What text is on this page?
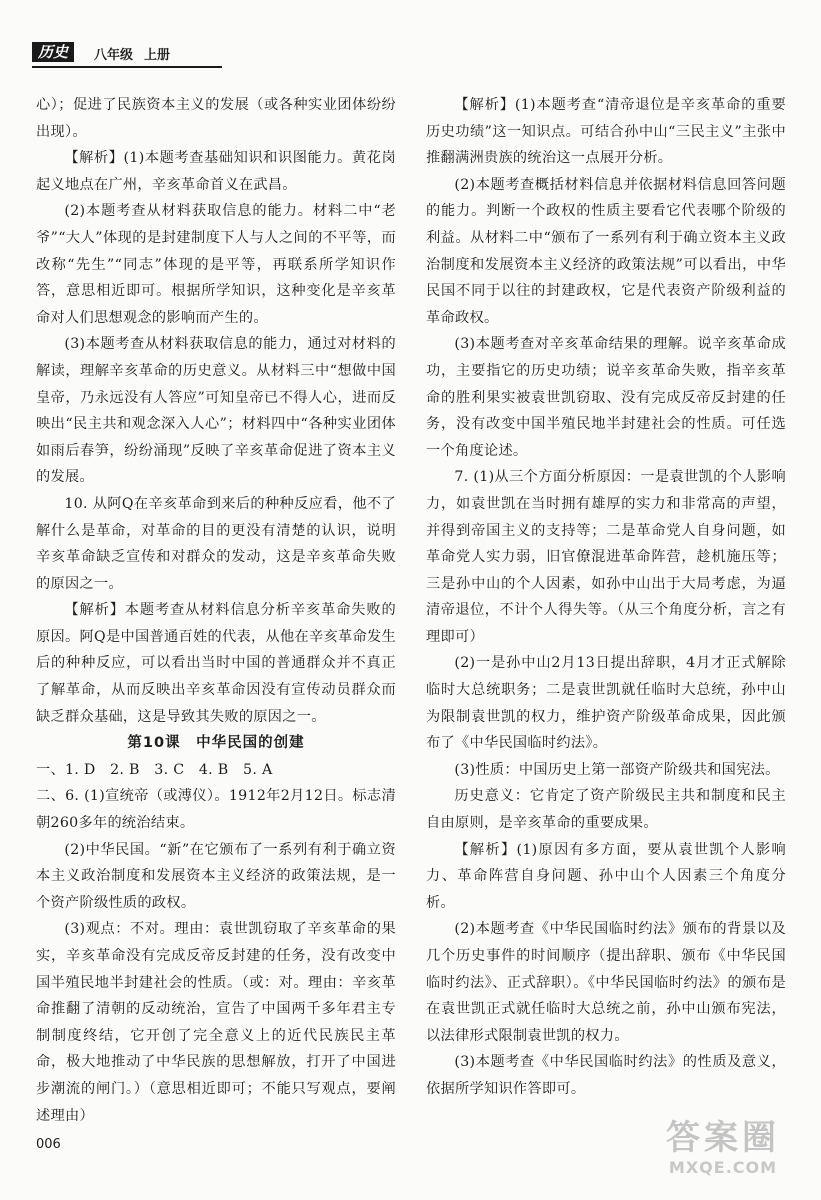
历史	八年级 上册

心）；促进了民族资本主义的发展（或各种实业团体纷纷出现）。

【解析】(1)本题考查基础知识和识图能力。黄花岗起义地点在广州，辛亥革命首义在武昌。

(2)本题考查从材料获取信息的能力。材料二中“老爷”“大人”体现的是封建制度下人与人之间的不平等，而改称“先生”“同志”体现的是平等，再联系所学知识作答，意思相近即可。根据所学知识，这种变化是辛亥革命对人们思想观念的影响而产生的。

(3)本题考查从材料获取信息的能力，通过对材料的解读，理解辛亥革命的历史意义。从材料三中“想做中国皇帝，乃永远没有人答应”可知皇帝已不得人心，进而反映出“民主共和观念深入人心”；材料四中“各种实业团体如雨后春笋，纷纷涌现”反映了辛亥革命促进了资本主义的发展。

10. 从阿Q在辛亥革命到来后的种种反应看，他不了解什么是革命，对革命的目的更没有清楚的认识，说明辛亥革命缺乏宣传和对群众的发动，这是辛亥革命失败的原因之一。

【解析】本题考查从材料信息分析辛亥革命失败的原因。阿Q是中国普通百姓的代表，从他在辛亥革命发生后的种种反应，可以看出当时中国的普通群众并不真正了解革命，从而反映出辛亥革命因没有宣传动员群众而缺乏群众基础，这是导致其失败的原因之一。

第10课　中华民国的创建

一、1. D　2. B　3. C　4. B　5. A

二、6. (1)宣统帝（或溥仪）。1912年2月12日。标志清朝260多年的统治结束。

(2)中华民国。“新”在它颁布了一系列有利于确立资本主义政治制度和发展资本主义经济的政策法规，是一个资产阶级性质的政权。

(3)观点：不对。理由：袁世凯窃取了辛亥革命的果实，辛亥革命没有完成反帝反封建的任务，没有改变中国半殖民地半封建社会的性质。（或：对。理由：辛亥革命推翻了清朝的反动统治，宣告了中国两千多年君主专制制度终结，它开创了完全意义上的近代民族民主革命，极大地推动了中华民族的思想解放，打开了中国进步潮流的闸门。）（意思相近即可；不能只写观点，要阐述理由）

【解析】(1)本题考查“清帝退位是辛亥革命的重要历史功绩”这一知识点。可结合孙中山“三民主义”主张中推翻满洲贵族的统治这一点展开分析。

(2)本题考查概括材料信息并依据材料信息回答问题的能力。判断一个政权的性质主要看它代表哪个阶级的利益。从材料二中“颁布了一系列有利于确立资本主义政治制度和发展资本主义经济的政策法规”可以看出，中华民国不同于以往的封建政权，它是代表资产阶级利益的革命政权。

(3)本题考查对辛亥革命结果的理解。说辛亥革命成功，主要指它的历史功绩；说辛亥革命失败，指辛亥革命的胜利果实被袁世凯窃取、没有完成反帝反封建的任务，没有改变中国半殖民地半封建社会的性质。可任选一个角度论述。

7. (1)从三个方面分析原因：一是袁世凯的个人影响力，如袁世凯在当时拥有雄厚的实力和非常高的声望，并得到帝国主义的支持等；二是革命党人自身问题，如革命党人实力弱，旧官僚混进革命阵营，趁机施压等；三是孙中山的个人因素，如孙中山出于大局考虑，为逼清帝退位，不计个人得失等。（从三个角度分析，言之有理即可）

(2)一是孙中山2月13日提出辞职，4月才正式解除临时大总统职务；二是袁世凯就任临时大总统，孙中山为限制袁世凯的权力，维护资产阶级革命成果，因此颁布了《中华民国临时约法》。

(3)性质：中国历史上第一部资产阶级共和国宪法。

历史意义：它肯定了资产阶级民主共和制度和民主自由原则，是辛亥革命的重要成果。

【解析】(1)原因有多方面，要从袁世凯个人影响力、革命阵营自身问题、孙中山个人因素三个角度分析。

(2)本题考查《中华民国临时约法》颁布的背景以及几个历史事件的时间顺序（提出辞职、颁布《中华民国临时约法》、正式辞职）。《中华民国临时约法》的颁布是在袁世凯正式就任临时大总统之前，孙中山颁布宪法，以法律形式限制袁世凯的权力。

(3)本题考查《中华民国临时约法》的性质及意义，依据所学知识作答即可。

006	答案圈
MXQE.COM
